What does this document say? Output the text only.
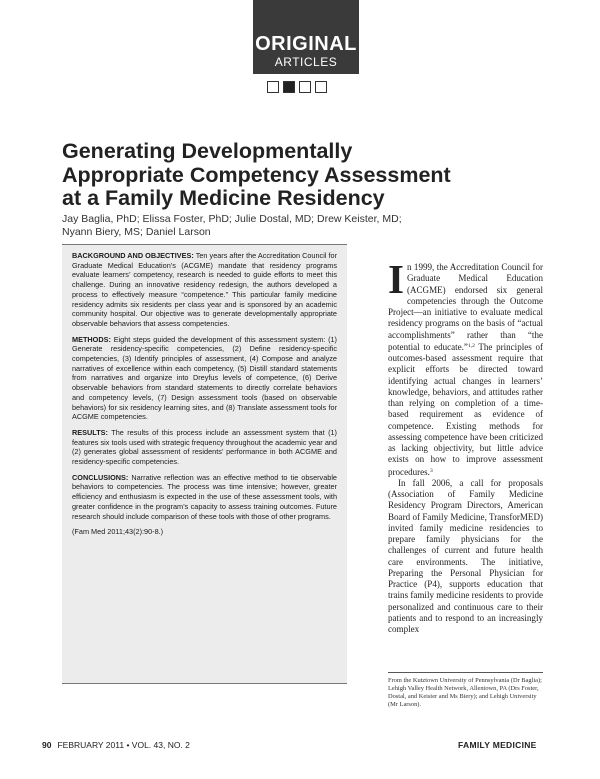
ORIGINAL
ARTICLES
Generating Developmentally
Appropriate Competency Assessment
at a Family Medicine Residency
Jay Baglia, PhD; Elissa Foster, PhD; Julie Dostal, MD; Drew Keister, MD;
Nyann Biery, MS; Daniel Larson

BACKGROUND AND OBJECTIVES: Ten years after the Accreditation Council for Graduate Medical Education’s (ACGME) mandate that residency programs evaluate learners’ competency, research is needed to guide efforts to meet this challenge. During an innovative residency redesign, the authors developed a process to effectively measure “competence.” This particular family medicine residency admits six residents per class year and is sponsored by an academic community hospital. Our objective was to generate developmentally appropriate observable behaviors that assess competencies.

METHODS: Eight steps guided the development of this assessment system: (1) Generate residency-specific competencies, (2) Define residency-specific competencies, (3) Identify principles of assessment, (4) Compose and analyze narratives of excellence within each competency, (5) Distill standard statements from narratives and organize into Dreyfus levels of competence, (6) Derive observable behaviors from standard statements to directly correlate behaviors and competency levels, (7) Design assessment tools (based on observable behaviors) for six residency learning sites, and (8) Translate assessment tools for ACGME competencies.

RESULTS: The results of this process include an assessment system that (1) features six tools used with strategic frequency throughout the academic year and (2) generates global assessment of residents’ performance in both ACGME and residency-specific competencies.

CONCLUSIONS: Narrative reflection was an effective method to tie observable behaviors to competencies. The process was time intensive; however, greater efficiency and enthusiasm is expected in the use of these assessment tools, with greater confidence in the program’s capacity to assess training outcomes. Future research should include comparison of these tools with those of other programs.

(Fam Med 2011;43(2):90-8.)

In 1999, the Accreditation Council for Graduate Medical Education (ACGME) endorsed six general competencies through the Outcome Project—an initiative to evaluate medical residency programs on the basis of “actual accomplishments” rather than “the potential to educate.”$^{1,2}$ The principles of outcomes-based assessment require that explicit efforts be directed toward identifying actual changes in learners’ knowledge, behaviors, and attitudes rather than relying on completion of a time-based requirement as evidence of competence. Existing methods for assessing competence have been criticized as lacking objectivity, but little advice exists on how to improve assessment procedures.$^3$

In fall 2006, a call for proposals (Association of Family Medicine Residency Program Directors, American Board of Family Medicine, TransforMED) invited family medicine residencies to prepare family physicians for the challenges of current and future health care environments. The initiative, Preparing the Personal Physician for Practice (P4), supports education that trains family medicine residents to provide personalized and continuous care to their patients and to respond to an increasingly complex

From the Kutztown University of Pennsylvania (Dr Baglia); Lehigh Valley Health Network, Allentown, PA (Drs Foster, Dostal, and Keister and Ms Biery); and Lehigh University (Mr Larson).
90 FEBRUARY 2011 • VOL. 43, NO. 2	FAMILY MEDICINE
